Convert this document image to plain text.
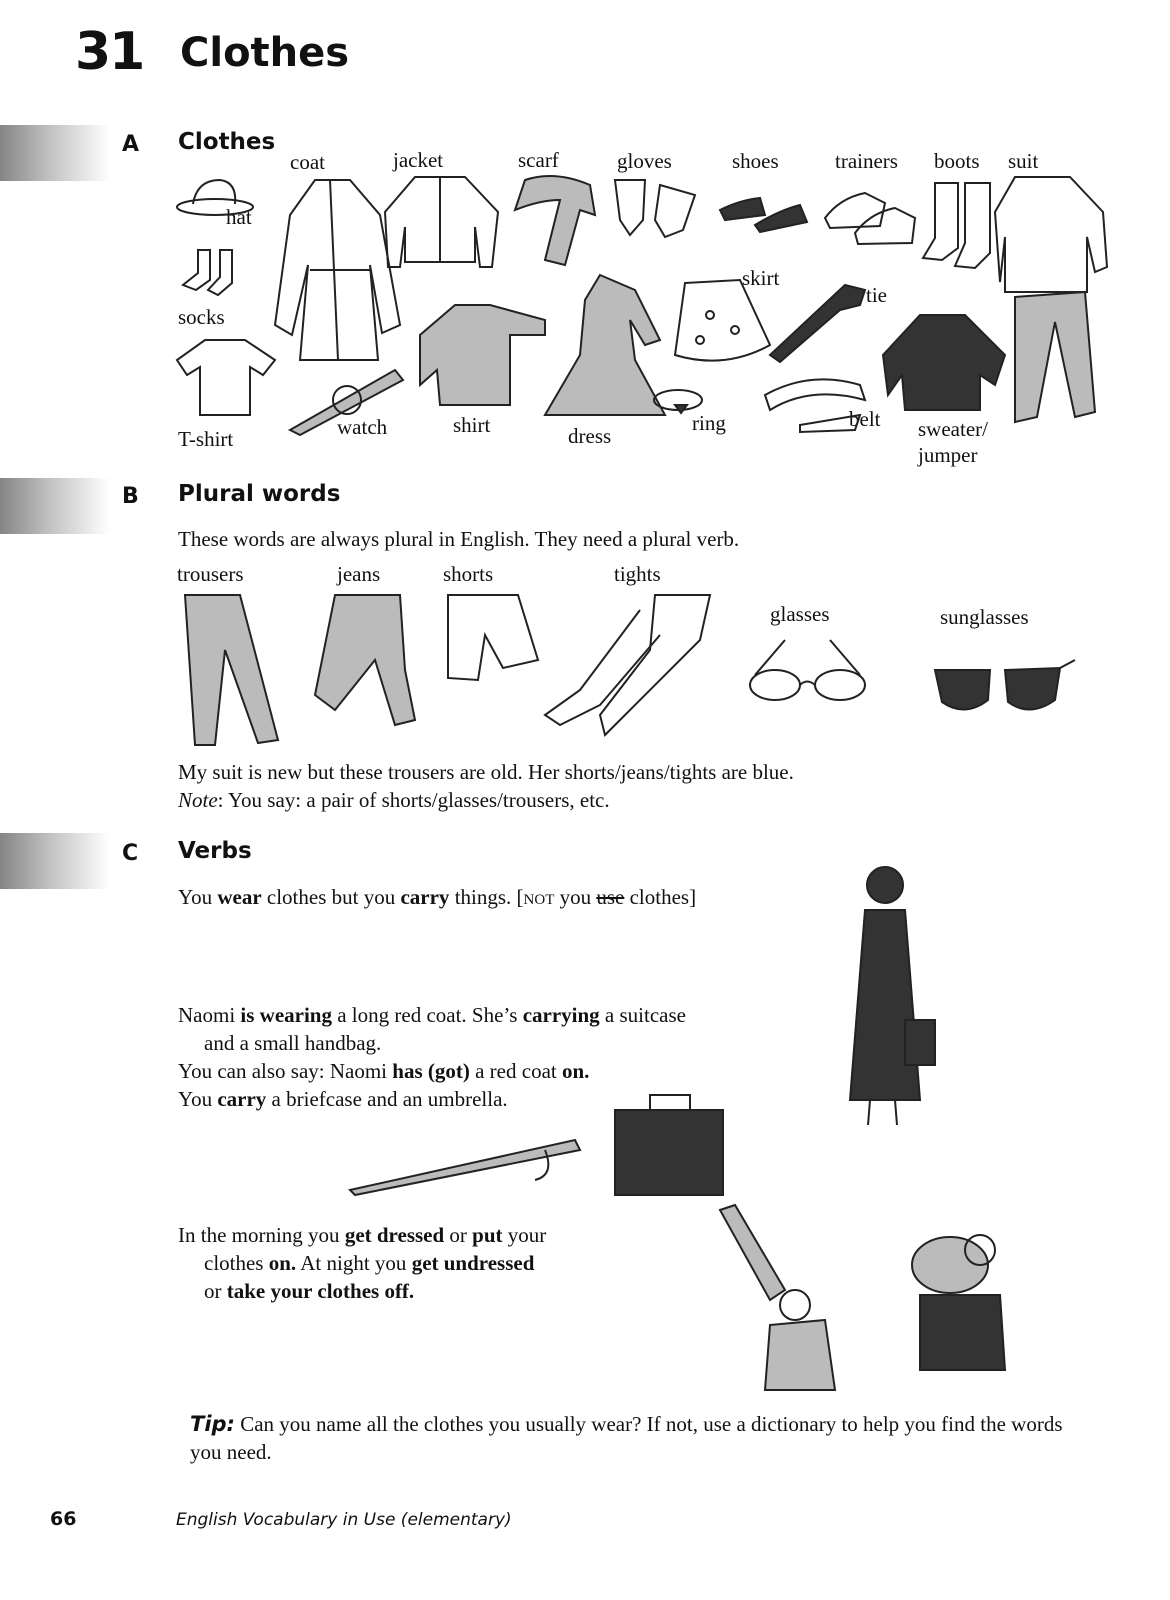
31 Clothes
A Clothes
coat	jacket	scarf	gloves	shoes	trainers boots suit
hat
socks
T-shirt	watch	shirt	dress
ring
skirt
tie
belt sweater/
jumper
B Plural words
These words are always plural in English. They need a plural verb.
trousers	jeans	shorts	tights
glasses	sunglasses
My suit is new but these trousers are old. Her shorts/jeans/tights are blue.
Note: You say: a pair of shorts/glasses/trousers, etc.
C Verbs
You wear clothes but you carry things. [not you use clothes]
Naomi is wearing a long red coat. She’s carrying a suitcase
and a small handbag.
You can also say: Naomi has (got) a red coat on.
You carry a briefcase and an umbrella.
In the morning you get dressed or put your
clothes on. At night you get undressed
or take your clothes off.
Tip: Can you name all the clothes you usually wear? If not, use a dictionary to help you find the words you need.
66	English Vocabulary in Use (elementary)
